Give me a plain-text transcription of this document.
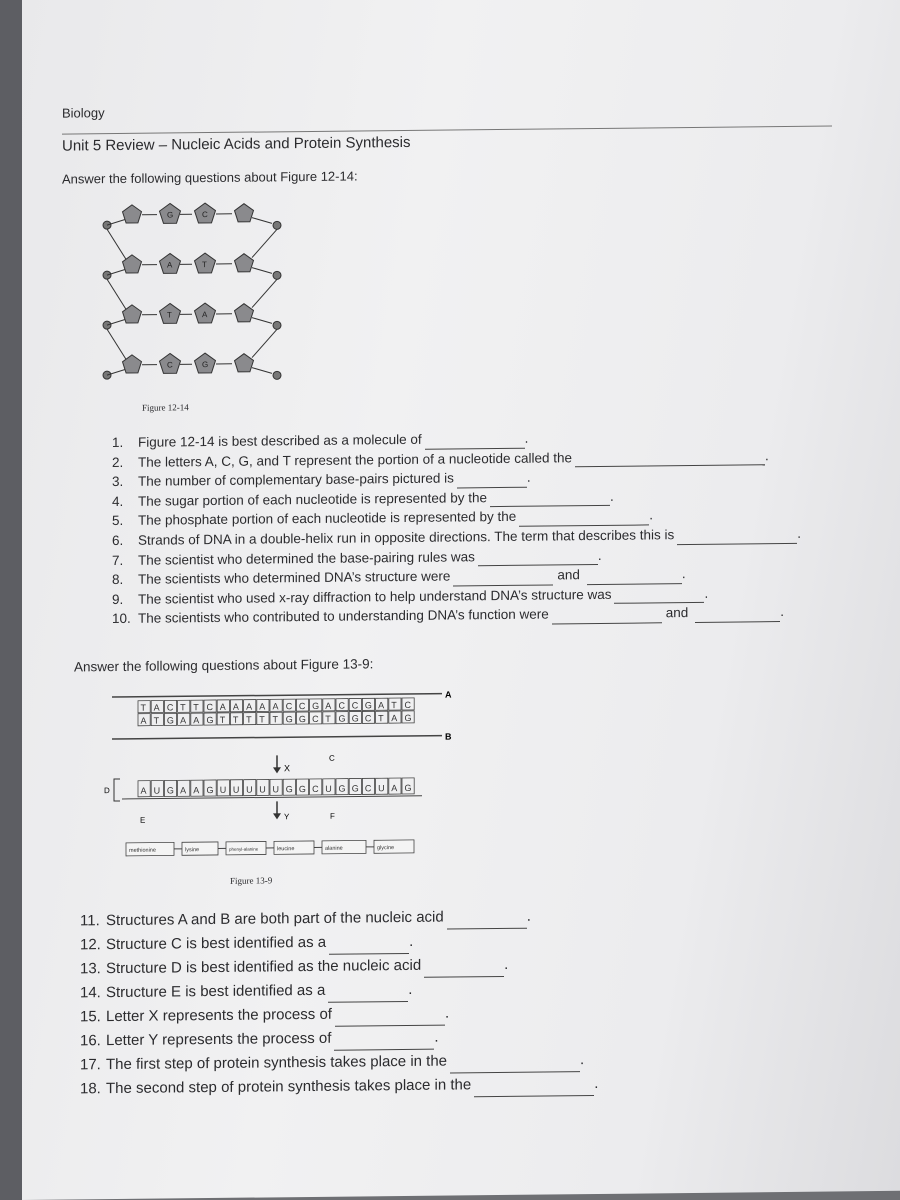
Biology
Unit 5 Review – Nucleic Acids and Protein Synthesis
Answer the following questions about Figure 12-14:
G	C
A	T
T	A
C	G
Figure 12-14
1.	Figure 12-14 is best described as a molecule of	.
2.	The letters A, C, G, and T represent the portion of a nucleotide called the	.
3.	The number of complementary base-pairs pictured is	.
4.	The sugar portion of each nucleotide is represented by the	.
5.	The phosphate portion of each nucleotide is represented by the	.
6.	Strands of DNA in a double-helix run in opposite directions. The term that describes this is	.
7.	The scientist who determined the base-pairing rules was	.
8.	The scientists who determined DNA’s structure were	and	.
9.	The scientist who used x-ray diffraction to help understand DNA’s structure was	.
10. The scientists who contributed to understanding DNA’s function were	and	.
Answer the following questions about Figure 13-9:
A
T A C T T C A A A A A C C G A C C G A T C
A T G A A G T T T T T G G C T G G C T A G
B
X
C
D	A U G A A G U U U U U G G C U G G C U A G
E	Y	F
methionine	lysine	phenyl-alanine	leucine	alanine	glycine
Figure 13-9
11. Structures A and B are both part of the nucleic acid	.
12. Structure C is best identified as a	.
13. Structure D is best identified as the nucleic acid	.
14. Structure E is best identified as a	.
15. Letter X represents the process of	.
16. Letter Y represents the process of	.
17. The first step of protein synthesis takes place in the	.
18. The second step of protein synthesis takes place in the	.
